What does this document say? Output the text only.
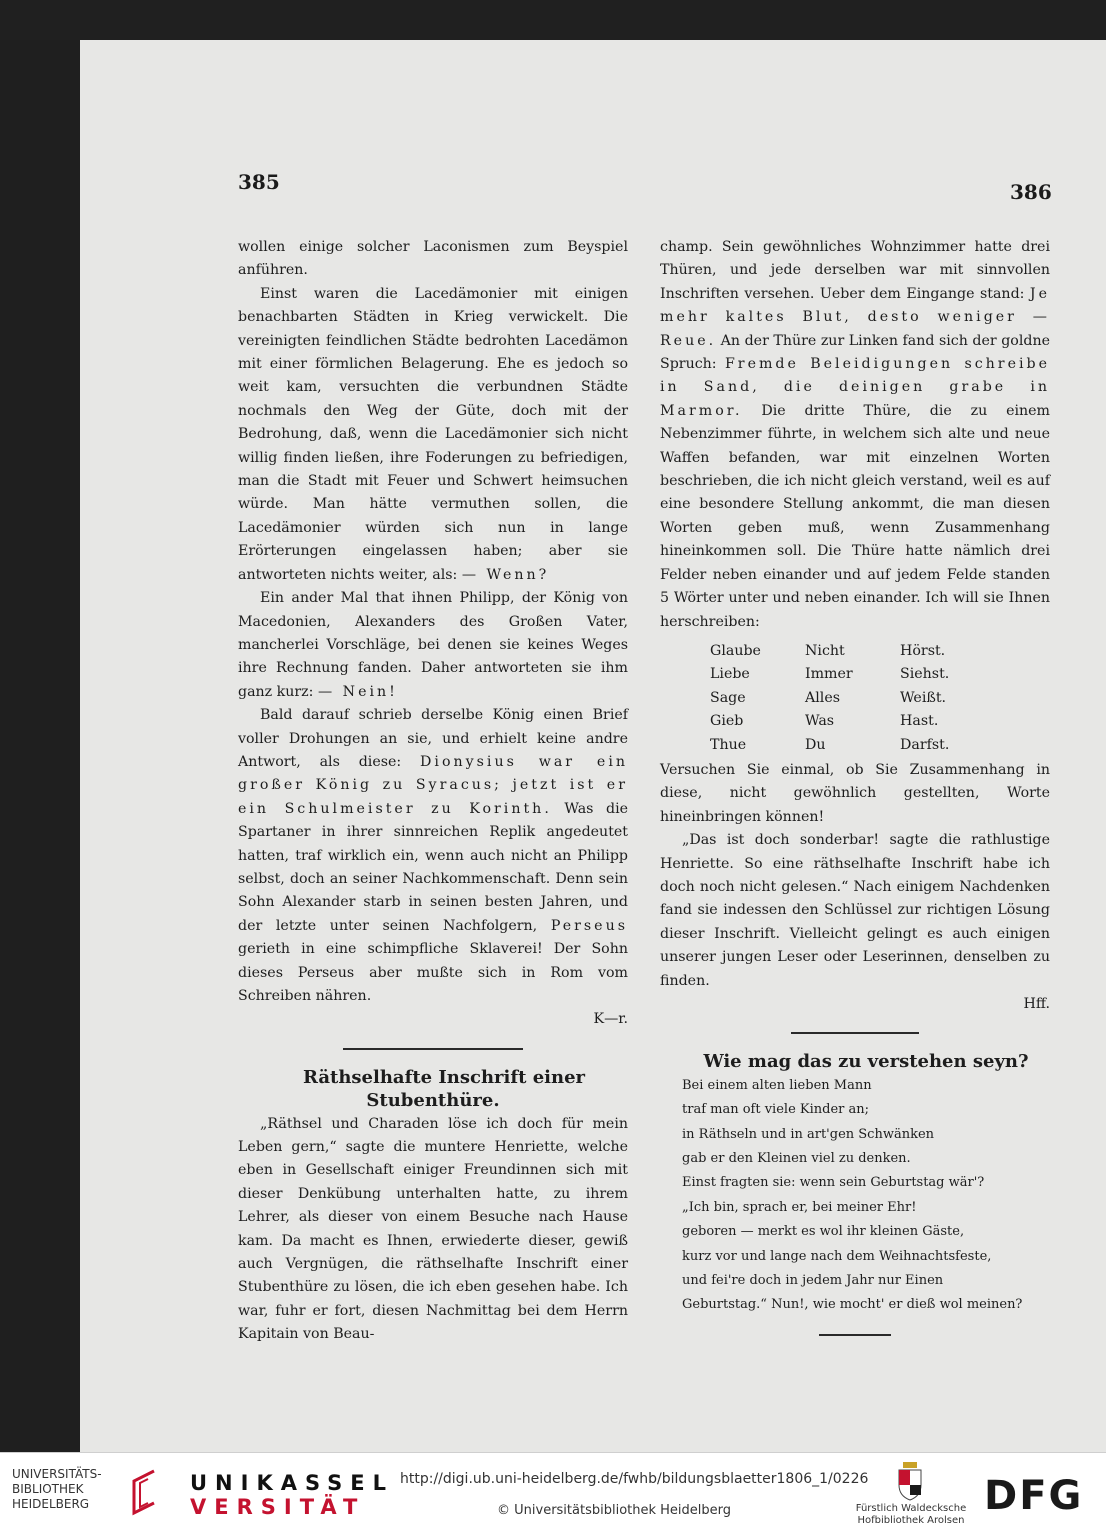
385	386

wollen einige solcher Laconismen zum Beyspiel anführen.

Einst waren die Lacedämonier mit einigen benachbarten Städten in Krieg verwickelt. Die vereinigten feindlichen Städte bedrohten Lacedämon mit einer förmlichen Belagerung. Ehe es jedoch so weit kam, versuchten die verbundnen Städte nochmals den Weg der Güte, doch mit der Bedrohung, daß, wenn die Lacedämonier sich nicht willig finden ließen, ihre Foderungen zu befriedigen, man die Stadt mit Feuer und Schwert heimsuchen würde. Man hätte vermuthen sollen, die Lacedämonier würden sich nun in lange Erörterungen eingelassen haben; aber sie antworteten nichts weiter, als: — Wenn?

Ein ander Mal that ihnen Philipp, der König von Macedonien, Alexanders des Großen Vater, mancherlei Vorschläge, bei denen sie keines Weges ihre Rechnung fanden. Daher antworteten sie ihm ganz kurz: — Nein!

Bald darauf schrieb derselbe König einen Brief voller Drohungen an sie, und erhielt keine andre Antwort, als diese: Dionysius war ein großer König zu Syracus; jetzt ist er ein Schulmeister zu Korinth. Was die Spartaner in ihrer sinnreichen Replik angedeutet hatten, traf wirklich ein, wenn auch nicht an Philipp selbst, doch an seiner Nachkommenschaft. Denn sein Sohn Alexander starb in seinen besten Jahren, und der letzte unter seinen Nachfolgern, Perseus gerieth in eine schimpfliche Sklaverei! Der Sohn dieses Perseus aber mußte sich in Rom vom Schreiben nähren.

K—r.

Räthselhafte Inschrift einer Stubenthüre.

„Räthsel und Charaden löse ich doch für mein Leben gern,“ sagte die muntere Henriette, welche eben in Gesellschaft einiger Freundinnen sich mit dieser Denkübung unterhalten hatte, zu ihrem Lehrer, als dieser von einem Besuche nach Hause kam. Da macht es Ihnen, erwiederte dieser, gewiß auch Vergnügen, die räthselhafte Inschrift einer Stubenthüre zu lösen, die ich eben gesehen habe. Ich war, fuhr er fort, diesen Nachmittag bei dem Herrn Kapitain von Beau-

champ. Sein gewöhnliches Wohnzimmer hatte drei Thüren, und jede derselben war mit sinnvollen Inschriften versehen. Ueber dem Eingange stand: Je mehr kaltes Blut, desto weniger — Reue. An der Thüre zur Linken fand sich der goldne Spruch: Fremde Beleidigungen schreibe in Sand, die deinigen grabe in Marmor. Die dritte Thüre, die zu einem Nebenzimmer führte, in welchem sich alte und neue Waffen befanden, war mit einzelnen Worten beschrieben, die ich nicht gleich verstand, weil es auf eine besondere Stellung ankommt, die man diesen Worten geben muß, wenn Zusammenhang hineinkommen soll. Die Thüre hatte nämlich drei Felder neben einander und auf jedem Felde standen 5 Wörter unter und neben einander. Ich will sie Ihnen herschreiben:

Glaube	Nicht	Hörst.
Liebe	Immer	Siehst.
Sage	Alles	Weißt.
Gieb	Was	Hast.
Thue	Du	Darfst.

Versuchen Sie einmal, ob Sie Zusammenhang in diese, nicht gewöhnlich gestellten, Worte hineinbringen können!

„Das ist doch sonderbar! sagte die rathlustige Henriette. So eine räthselhafte Inschrift habe ich doch noch nicht gelesen.“ Nach einigem Nachdenken fand sie indessen den Schlüssel zur richtigen Lösung dieser Inschrift. Vielleicht gelingt es auch einigen unserer jungen Leser oder Leserinnen, denselben zu finden.

Hff.

Wie mag das zu verstehen seyn?

Bei einem alten lieben Mann

traf man oft viele Kinder an;

in Räthseln und in art'gen Schwänken

gab er den Kleinen viel zu denken.

Einst fragten sie: wenn sein Geburtstag wär'?

„Ich bin, sprach er, bei meiner Ehr!

geboren — merkt es wol ihr kleinen Gäste,

kurz vor und lange nach dem Weihnachtsfeste,

und fei're doch in jedem Jahr nur Einen

Geburtstag.“ Nun!, wie mocht' er dieß wol meinen?

UNIVERSITÄTS-
BIBLIOTHEK
HEIDELBERG
UNIKASSEL
VERSITÄT
http://digi.ub.uni-heidelberg.de/fwhb/bildungsblaetter1806_1/0226
© Universitätsbibliothek Heidelberg	Fürstlich Waldecksche
Hofbibliothek Arolsen
DFG
